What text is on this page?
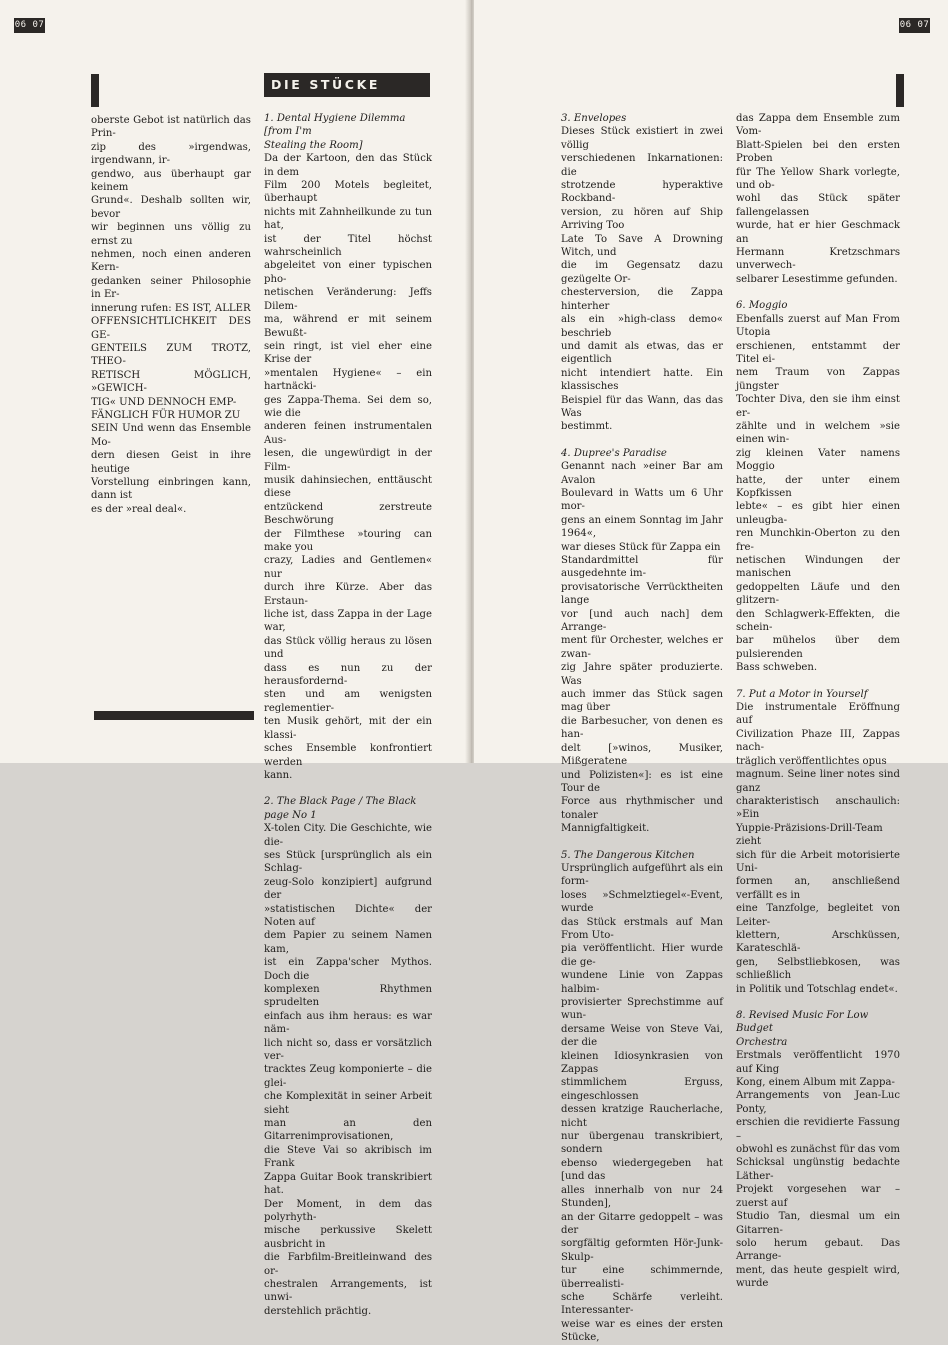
06 07
DIE STÜCKE

oberste Gebot ist natürlich das Prin-
zip des »irgendwas, irgendwann, ir-
gendwo, aus überhaupt gar keinem
Grund«. Deshalb sollten wir, bevor
wir beginnen uns völlig zu ernst zu
nehmen, noch einen anderen Kern-
gedanken seiner Philosophie in Er-
innerung rufen: ES IST, ALLER
OFFENSICHTLICHKEIT DES GE-
GENTEILS ZUM TROTZ, THEO-
RETISCH MÖGLICH, »GEWICH-
TIG« UND DENNOCH EMP-
FÄNGLICH FÜR HUMOR ZU
SEIN Und wenn das Ensemble Mo-
dern diesen Geist in ihre heutige
Vorstellung einbringen kann, dann ist
es der »real deal«.

1. Dental Hygiene Dilemma [from I'm
Stealing the Room]

Da der Kartoon, den das Stück in dem
Film 200 Motels begleitet, überhaupt
nichts mit Zahnheilkunde zu tun hat,
ist der Titel höchst wahrscheinlich
abgeleitet von einer typischen pho-
netischen Veränderung: Jeffs Dilem-
ma, während er mit seinem Bewußt-
sein ringt, ist viel eher eine Krise der
»mentalen Hygiene« – ein hartnäcki-
ges Zappa-Thema. Sei dem so, wie die
anderen feinen instrumentalen Aus-
lesen, die ungewürdigt in der Film-
musik dahinsiechen, enttäuscht diese
entzückend zerstreute Beschwörung
der Filmthese »touring can make you
crazy, Ladies and Gentlemen« nur
durch ihre Kürze. Aber das Erstaun-
liche ist, dass Zappa in der Lage war,
das Stück völlig heraus zu lösen und
dass es nun zu der herausfordernd-
sten und am wenigsten reglementier-
ten Musik gehört, mit der ein klassi-
sches Ensemble konfrontiert werden
kann.

2. The Black Page / The Black page No 1

X-tolen City. Die Geschichte, wie die-
ses Stück [ursprünglich als ein Schlag-
zeug-Solo konzipiert] aufgrund der
»statistischen Dichte« der Noten auf
dem Papier zu seinem Namen kam,
ist ein Zappa'scher Mythos. Doch die
komplexen Rhythmen sprudelten
einfach aus ihm heraus: es war näm-
lich nicht so, dass er vorsätzlich ver-
tracktes Zeug komponierte – die glei-
che Komplexität in seiner Arbeit sieht
man an den Gitarrenimprovisationen,
die Steve Vai so akribisch im Frank
Zappa Guitar Book transkribiert hat.
Der Moment, in dem das polyrhyth-
mische perkussive Skelett ausbricht in
die Farbfilm-Breitleinwand des or-
chestralen Arrangements, ist unwi-
derstehlich prächtig.

06 07

3. Envelopes

Dieses Stück existiert in zwei völlig
verschiedenen Inkarnationen: die
strotzende hyperaktive Rockband-
version, zu hören auf Ship Arriving Too
Late To Save A Drowning Witch, und
die im Gegensatz dazu gezügelte Or-
chesterversion, die Zappa hinterher
als ein »high-class demo« beschrieb
und damit als etwas, das er eigentlich
nicht intendiert hatte. Ein klassisches
Beispiel für das Wann, das das Was
bestimmt.

4. Dupree's Paradise

Genannt nach »einer Bar am Avalon
Boulevard in Watts um 6 Uhr mor-
gens an einem Sonntag im Jahr 1964«,
war dieses Stück für Zappa ein
Standardmittel für ausgedehnte im-
provisatorische Verrücktheiten lange
vor [und auch nach] dem Arrange-
ment für Orchester, welches er zwan-
zig Jahre später produzierte. Was
auch immer das Stück sagen mag über
die Barbesucher, von denen es han-
delt [»winos, Musiker, Mißgeratene
und Polizisten«]: es ist eine Tour de
Force aus rhythmischer und tonaler
Mannigfaltigkeit.

5. The Dangerous Kitchen

Ursprünglich aufgeführt als ein form-
loses »Schmelztiegel«-Event, wurde
das Stück erstmals auf Man From Uto-
pia veröffentlicht. Hier wurde die ge-
wundene Linie von Zappas halbim-
provisierter Sprechstimme auf wun-
dersame Weise von Steve Vai, der die
kleinen Idiosynkrasien von Zappas
stimmlichem Erguss, eingeschlossen
dessen kratzige Raucherlache, nicht
nur übergenau transkribiert, sondern
ebenso wiedergegeben hat [und das
alles innerhalb von nur 24 Stunden],
an der Gitarre gedoppelt – was der
sorgfältig geformten Hör-Junk-Skulp-
tur eine schimmernde, überrealisti-
sche Schärfe verleiht. Interessanter-
weise war es eines der ersten Stücke,

das Zappa dem Ensemble zum Vom-
Blatt-Spielen bei den ersten Proben
für The Yellow Shark vorlegte, und ob-
wohl das Stück später fallengelassen
wurde, hat er hier Geschmack an
Hermann Kretzschmars unverwech-
selbarer Lesestimme gefunden.

6. Moggio

Ebenfalls zuerst auf Man From Utopia
erschienen, entstammt der Titel ei-
nem Traum von Zappas jüngster
Tochter Diva, den sie ihm einst er-
zählte und in welchem »sie einen win-
zig kleinen Vater namens Moggio
hatte, der unter einem Kopfkissen
lebte« – es gibt hier einen unleugba-
ren Munchkin-Oberton zu den fre-
netischen Windungen der manischen
gedoppelten Läufe und den glitzern-
den Schlagwerk-Effekten, die schein-
bar mühelos über dem pulsierenden
Bass schweben.

7. Put a Motor in Yourself

Die instrumentale Eröffnung auf
Civilization Phaze III, Zappas nach-
träglich veröffentlichtes opus
magnum. Seine liner notes sind ganz
charakteristisch anschaulich: »Ein
Yuppie-Präzisions-Drill-Team zieht
sich für die Arbeit motorisierte Uni-
formen an, anschließend verfällt es in
eine Tanzfolge, begleitet von Leiter-
klettern, Arschküssen, Karateschlä-
gen, Selbstliebkosen, was schließlich
in Politik und Totschlag endet«.

8. Revised Music For Low Budget
Orchestra

Erstmals veröffentlicht 1970 auf King
Kong, einem Album mit Zappa-
Arrangements von Jean-Luc Ponty,
erschien die revidierte Fassung –
obwohl es zunächst für das vom
Schicksal ungünstig bedachte Läther-
Projekt vorgesehen war – zuerst auf
Studio Tan, diesmal um ein Gitarren-
solo herum gebaut. Das Arrange-
ment, das heute gespielt wird, wurde
